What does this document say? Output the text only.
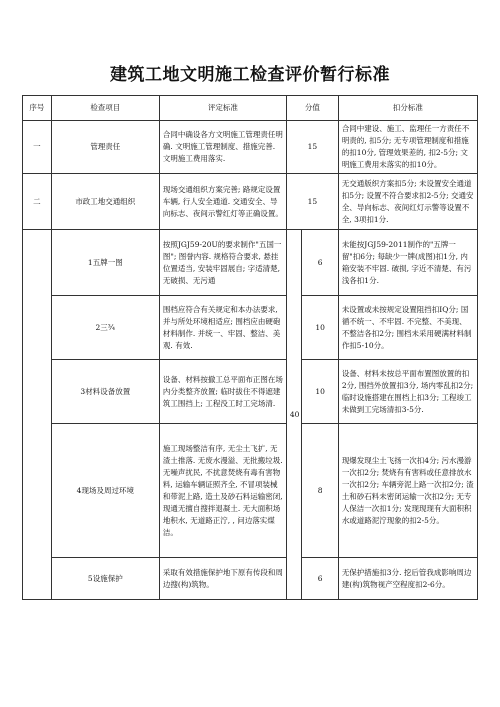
建筑工地文明施工检查评价暂行标准
序号	检查项目	评定标准	分值		扣分标准
一	管理责任	合同中确设各方文明施工管理责任明确. 文明施工管理制度、措施完善. 文明施工费用落实.	15		合同中建设、施工、监理任一方责任不明责的, 扣5分; 无专项管理制度和措施的扣10分, 管理效果差的, 扣2-5分; 文明施工费用未落实的扣10分。
二	市政工地交通组织	现场交通组织方案完善; 路规定设置车辆, 行人安全通道. 交通安全、导向标志、夜间示警红灯等正确设置。	15		无交通版织方案扣5分; 未设置安全通道扣5分; 设置不符合要求扣2-5分; 交通安全、导向标志、夜间红灯示警等设置不全, 3项扣1分.
	1五牌一图	按照JGJ59-20U的要求制作"五国一图"; 图誉内容. 规格符合要求, 悬挂位置适当, 安装牢固展自; 字适清楚, 无破损、无污通	40	6	未能按JGJ59-2011制作的"五牌一留"扣6分; 每缺少一牌(成图)扣1分, 内箱安装不牢固. 破损, 字近不清楚、有污浅各扣1分.
	2三¾	围档应符合有关规定和本办法要求, 并与所处环境相适应; 围档应由硬砲材料制作. 并统一、牢固、整洁、美观. 有效.		10	未设置或未按规定设置阻挡扣IQ分; 国循不统一、不牢固. 不完整、不美现、不整洁各扣2分; 围档未采用硬满材料制作扣5-10分。
	3材料设备放置	设备、材料按撤工总平面布正图在场内分类整齐放置; 临时拔住不得遮建筑工围挡上; 工程没工时工完场清.		10	设备、材料未按总平面布置图放置的扣2分, 围挡外放置扣3分, 场内零乱扣2分; 临时设施搭建在围档上扣3分; 工程竣工未做到工完场清扣3-5分.
	4现场及周过环境	施工现场整洁有序, 无尘土飞扩, 无渣土推落. 无废水漫溢、无批搬垃圾. 无噪声扰民, 不扰意焚烧有毒有害物料, 运输车辆证照齐全, 不冒项装械和带泥上路, 造土及砂石料运输密闭, 现通无擅自搜拌退凝土. 无大面积场地积水, 无道路正泞, , 问边落实煤洁。		8	现爆发现尘土飞扬一次扣4分; 污水漫游一次扣2分; 焚烧有有害料或任意排放水一次扣2分; 车辆旁泥上路一次扣2分; 渣土和砂石料未密闭运输一次扣2分; 无专人保洁一次扣1分; 发现现现有大面积积水或道路泥泞现象的扣2-5分。
	5设施保护	采取有效措施保护地下原有传段和周边搜(构)筑物。		6	无保护措施扣3分. 挖后管我成影响周边建(构)筑物视产空程度扣2-6分。
